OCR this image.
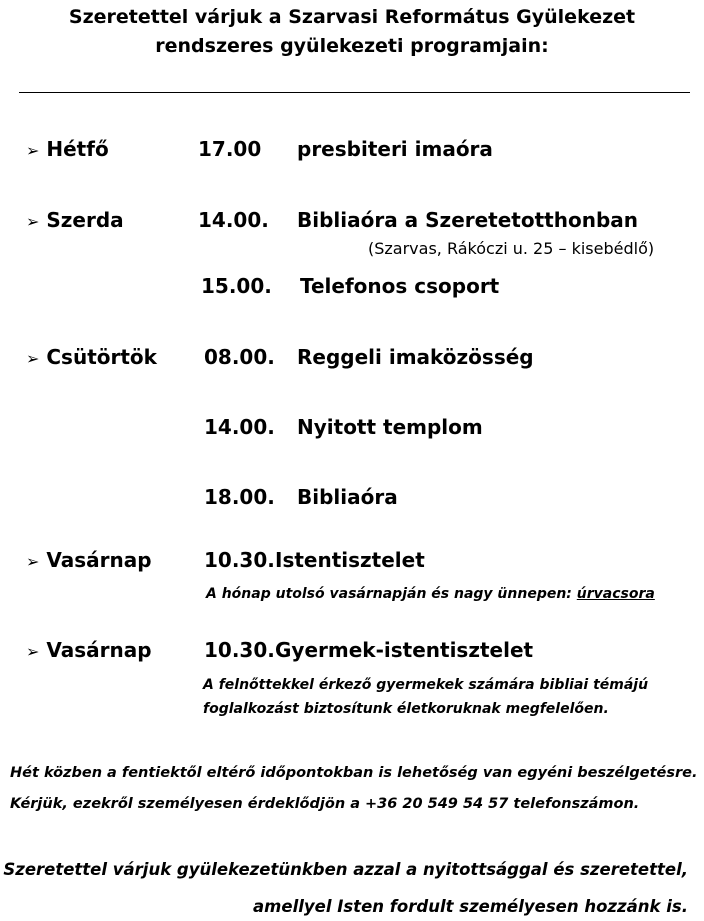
Szeretettel várjuk a Szarvasi Református Gyülekezet
rendszeres gyülekezeti programjain:
➢ Hétfő	17.00 presbiteri imaóra
➢ Szerda	14.00. Bibliaóra a Szeretetotthonban
(Szarvas, Rákóczi u. 25 – kisebédlő)
15.00. Telefonos csoport
➢ Csütörtök 08.00. Reggeli imaközösség
14.00. Nyitott templom
18.00. Bibliaóra
➢ Vasárnap	10.30. Istentisztelet
A hónap utolsó vasárnapján és nagy ünnepen: úrvacsora
➢ Vasárnap	10.30. Gyermek-istentisztelet
A felnőttekkel érkező gyermekek számára bibliai témájú
foglalkozást biztosítunk életkoruknak megfelelően.
Hét közben a fentiektől eltérő időpontokban is lehetőség van egyéni beszélgetésre.
Kérjük, ezekről személyesen érdeklődjön a +36 20 549 54 57 telefonszámon.
Szeretettel várjuk gyülekezetünkben azzal a nyitottsággal és szeretettel,
amellyel Isten fordult személyesen hozzánk is.
